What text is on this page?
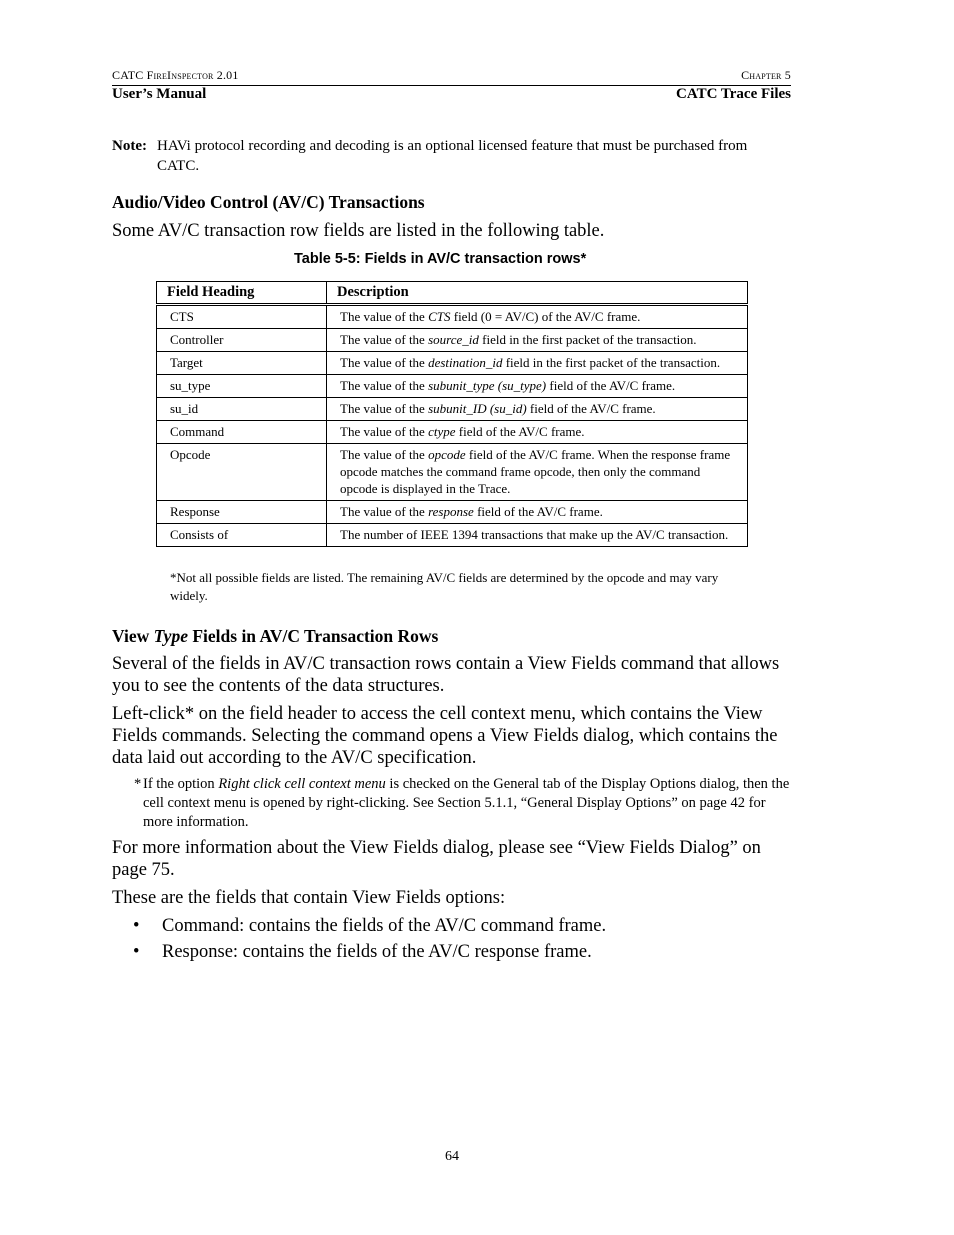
CATC FireInspector 2.01	Chapter 5
User’s Manual	CATC Trace Files
Note: HAVi protocol recording and decoding is an optional licensed feature that must be purchased from CATC.
Audio/Video Control (AV/C) Transactions
Some AV/C transaction row fields are listed in the following table.
Table 5-5: Fields in AV/C transaction rows*
Field Heading	Description
CTS	The value of the CTS field (0 = AV/C) of the AV/C frame.
Controller	The value of the source_id field in the first packet of the transaction.
Target	The value of the destination_id field in the first packet of the transaction.
su_type	The value of the subunit_type (su_type) field of the AV/C frame.
su_id	The value of the subunit_ID (su_id) field of the AV/C frame.
Command	The value of the ctype field of the AV/C frame.
Opcode	The value of the opcode field of the AV/C frame. When the response frame opcode matches the command frame opcode, then only the command opcode is displayed in the Trace.
Response	The value of the response field of the AV/C frame.
Consists of	The number of IEEE 1394 transactions that make up the AV/C transaction.
*Not all possible fields are listed. The remaining AV/C fields are determined by the opcode and may vary widely.
View Type Fields in AV/C Transaction Rows
Several of the fields in AV/C transaction rows contain a View Fields command that allows you to see the contents of the data structures.
Left-click* on the field header to access the cell context menu, which contains the View Fields commands. Selecting the command opens a View Fields dialog, which contains the data laid out according to the AV/C specification.
* If the option Right click cell context menu is checked on the General tab of the Display Options dialog, then the cell context menu is opened by right-clicking. See Section 5.1.1, “General Display Options” on page 42 for more information.
For more information about the View Fields dialog, please see “View Fields Dialog” on page 75.
These are the fields that contain View Fields options:
• Command: contains the fields of the AV/C command frame.
• Response: contains the fields of the AV/C response frame.
64
